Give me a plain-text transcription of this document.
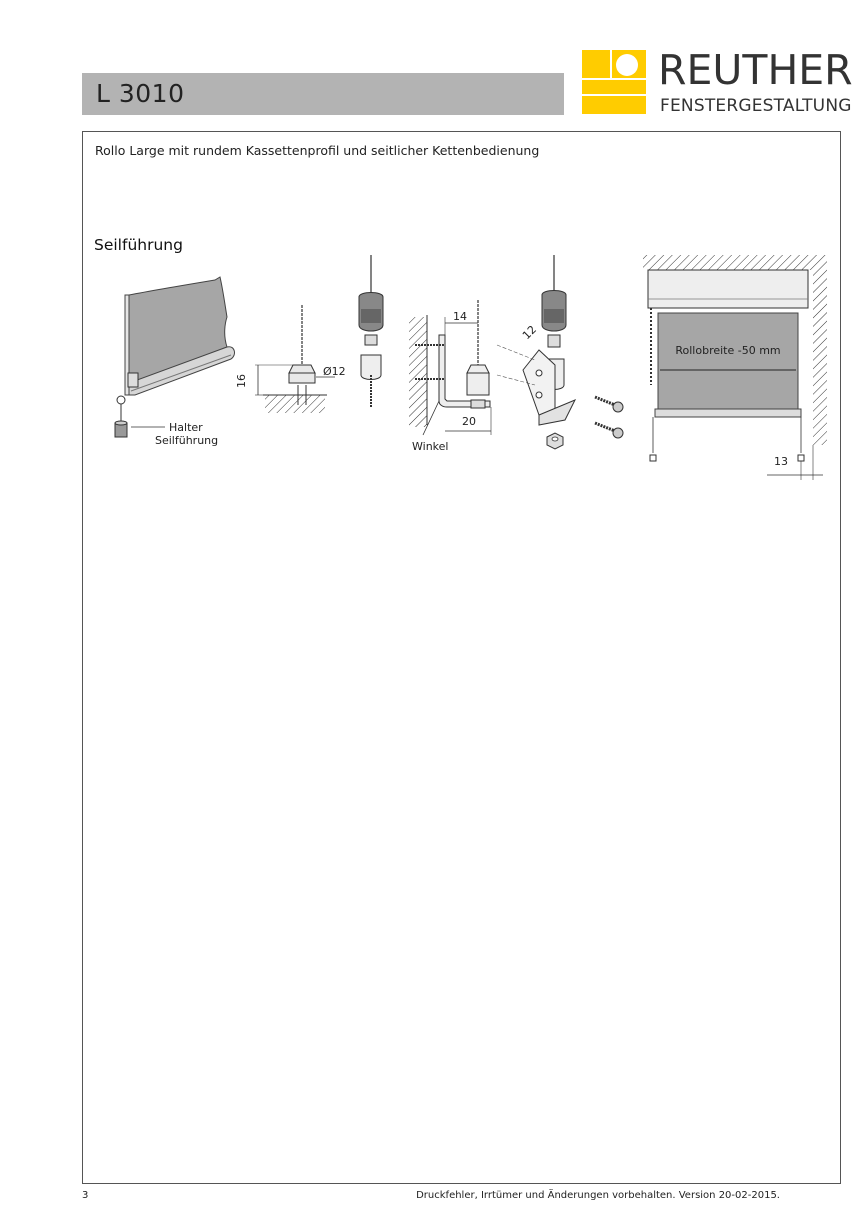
L 3010	REUTHER
FENSTERGESTALTUNG
Rollo Large mit rundem Kassettenprofil und seitlicher Kettenbedienung
Seilführung
Halter
Seilführung
16
Ø12
14
20
Winkel
12
Rollobreite -50 mm
13
3	Druckfehler, Irrtümer und Änderungen vorbehalten. Version 20-02-2015.
